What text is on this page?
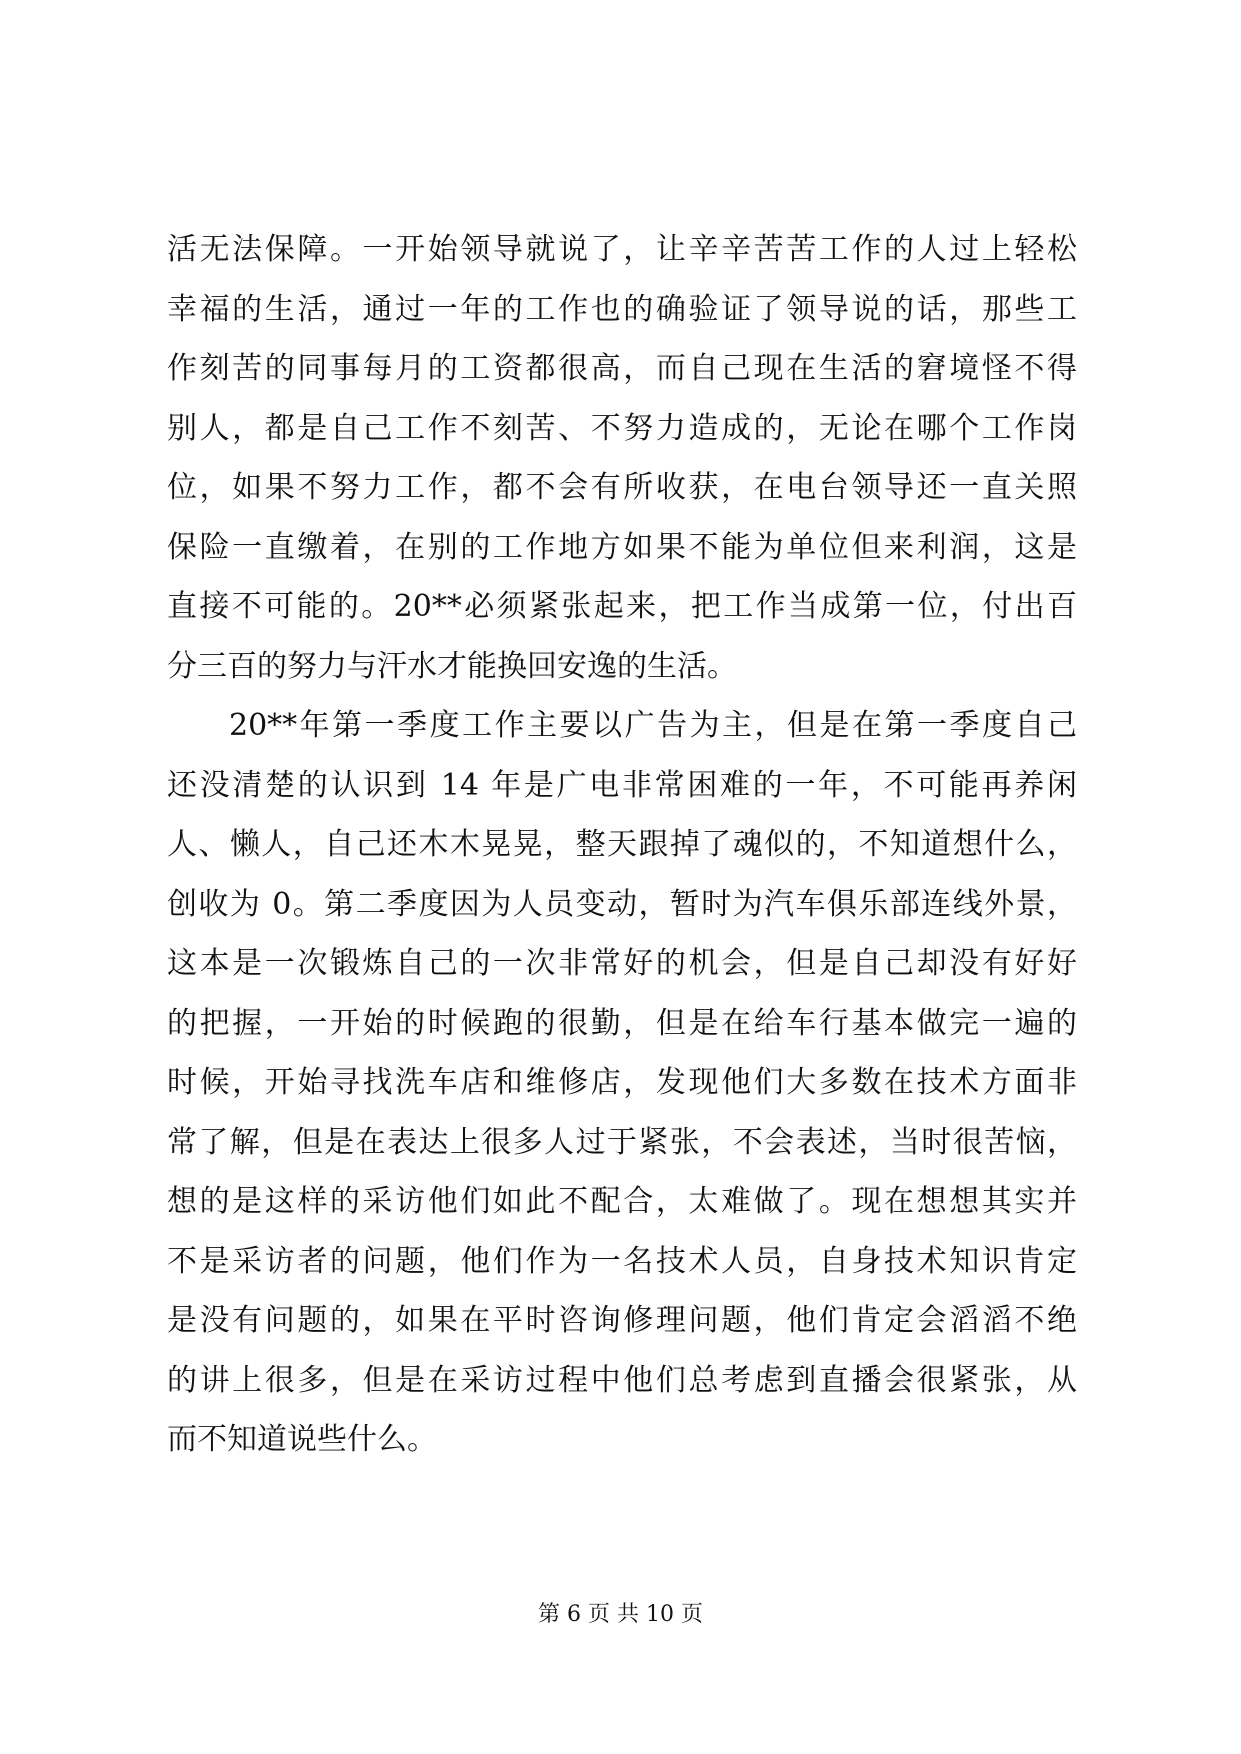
活无法保障。一开始领导就说了，让辛辛苦苦工作的人过上轻松
幸福的生活，通过一年的工作也的确验证了领导说的话，那些工
作刻苦的同事每月的工资都很高，而自己现在生活的窘境怪不得
别人，都是自己工作不刻苦、不努力造成的，无论在哪个工作岗
位，如果不努力工作，都不会有所收获，在电台领导还一直关照
保险一直缴着，在别的工作地方如果不能为单位但来利润，这是
直接不可能的。20**必须紧张起来，把工作当成第一位，付出百
分三百的努力与汗水才能换回安逸的生活。
20**年第一季度工作主要以广告为主，但是在第一季度自己
还没清楚的认识到 14 年是广电非常困难的一年，不可能再养闲
人、懒人，自己还木木晃晃，整天跟掉了魂似的，不知道想什么，
创收为 0。第二季度因为人员变动，暂时为汽车俱乐部连线外景，
这本是一次锻炼自己的一次非常好的机会，但是自己却没有好好
的把握，一开始的时候跑的很勤，但是在给车行基本做完一遍的
时候，开始寻找洗车店和维修店，发现他们大多数在技术方面非
常了解，但是在表达上很多人过于紧张，不会表述，当时很苦恼，
想的是这样的采访他们如此不配合，太难做了。现在想想其实并
不是采访者的问题，他们作为一名技术人员，自身技术知识肯定
是没有问题的，如果在平时咨询修理问题，他们肯定会滔滔不绝
的讲上很多，但是在采访过程中他们总考虑到直播会很紧张，从
而不知道说些什么。
第 6 页 共 10 页
